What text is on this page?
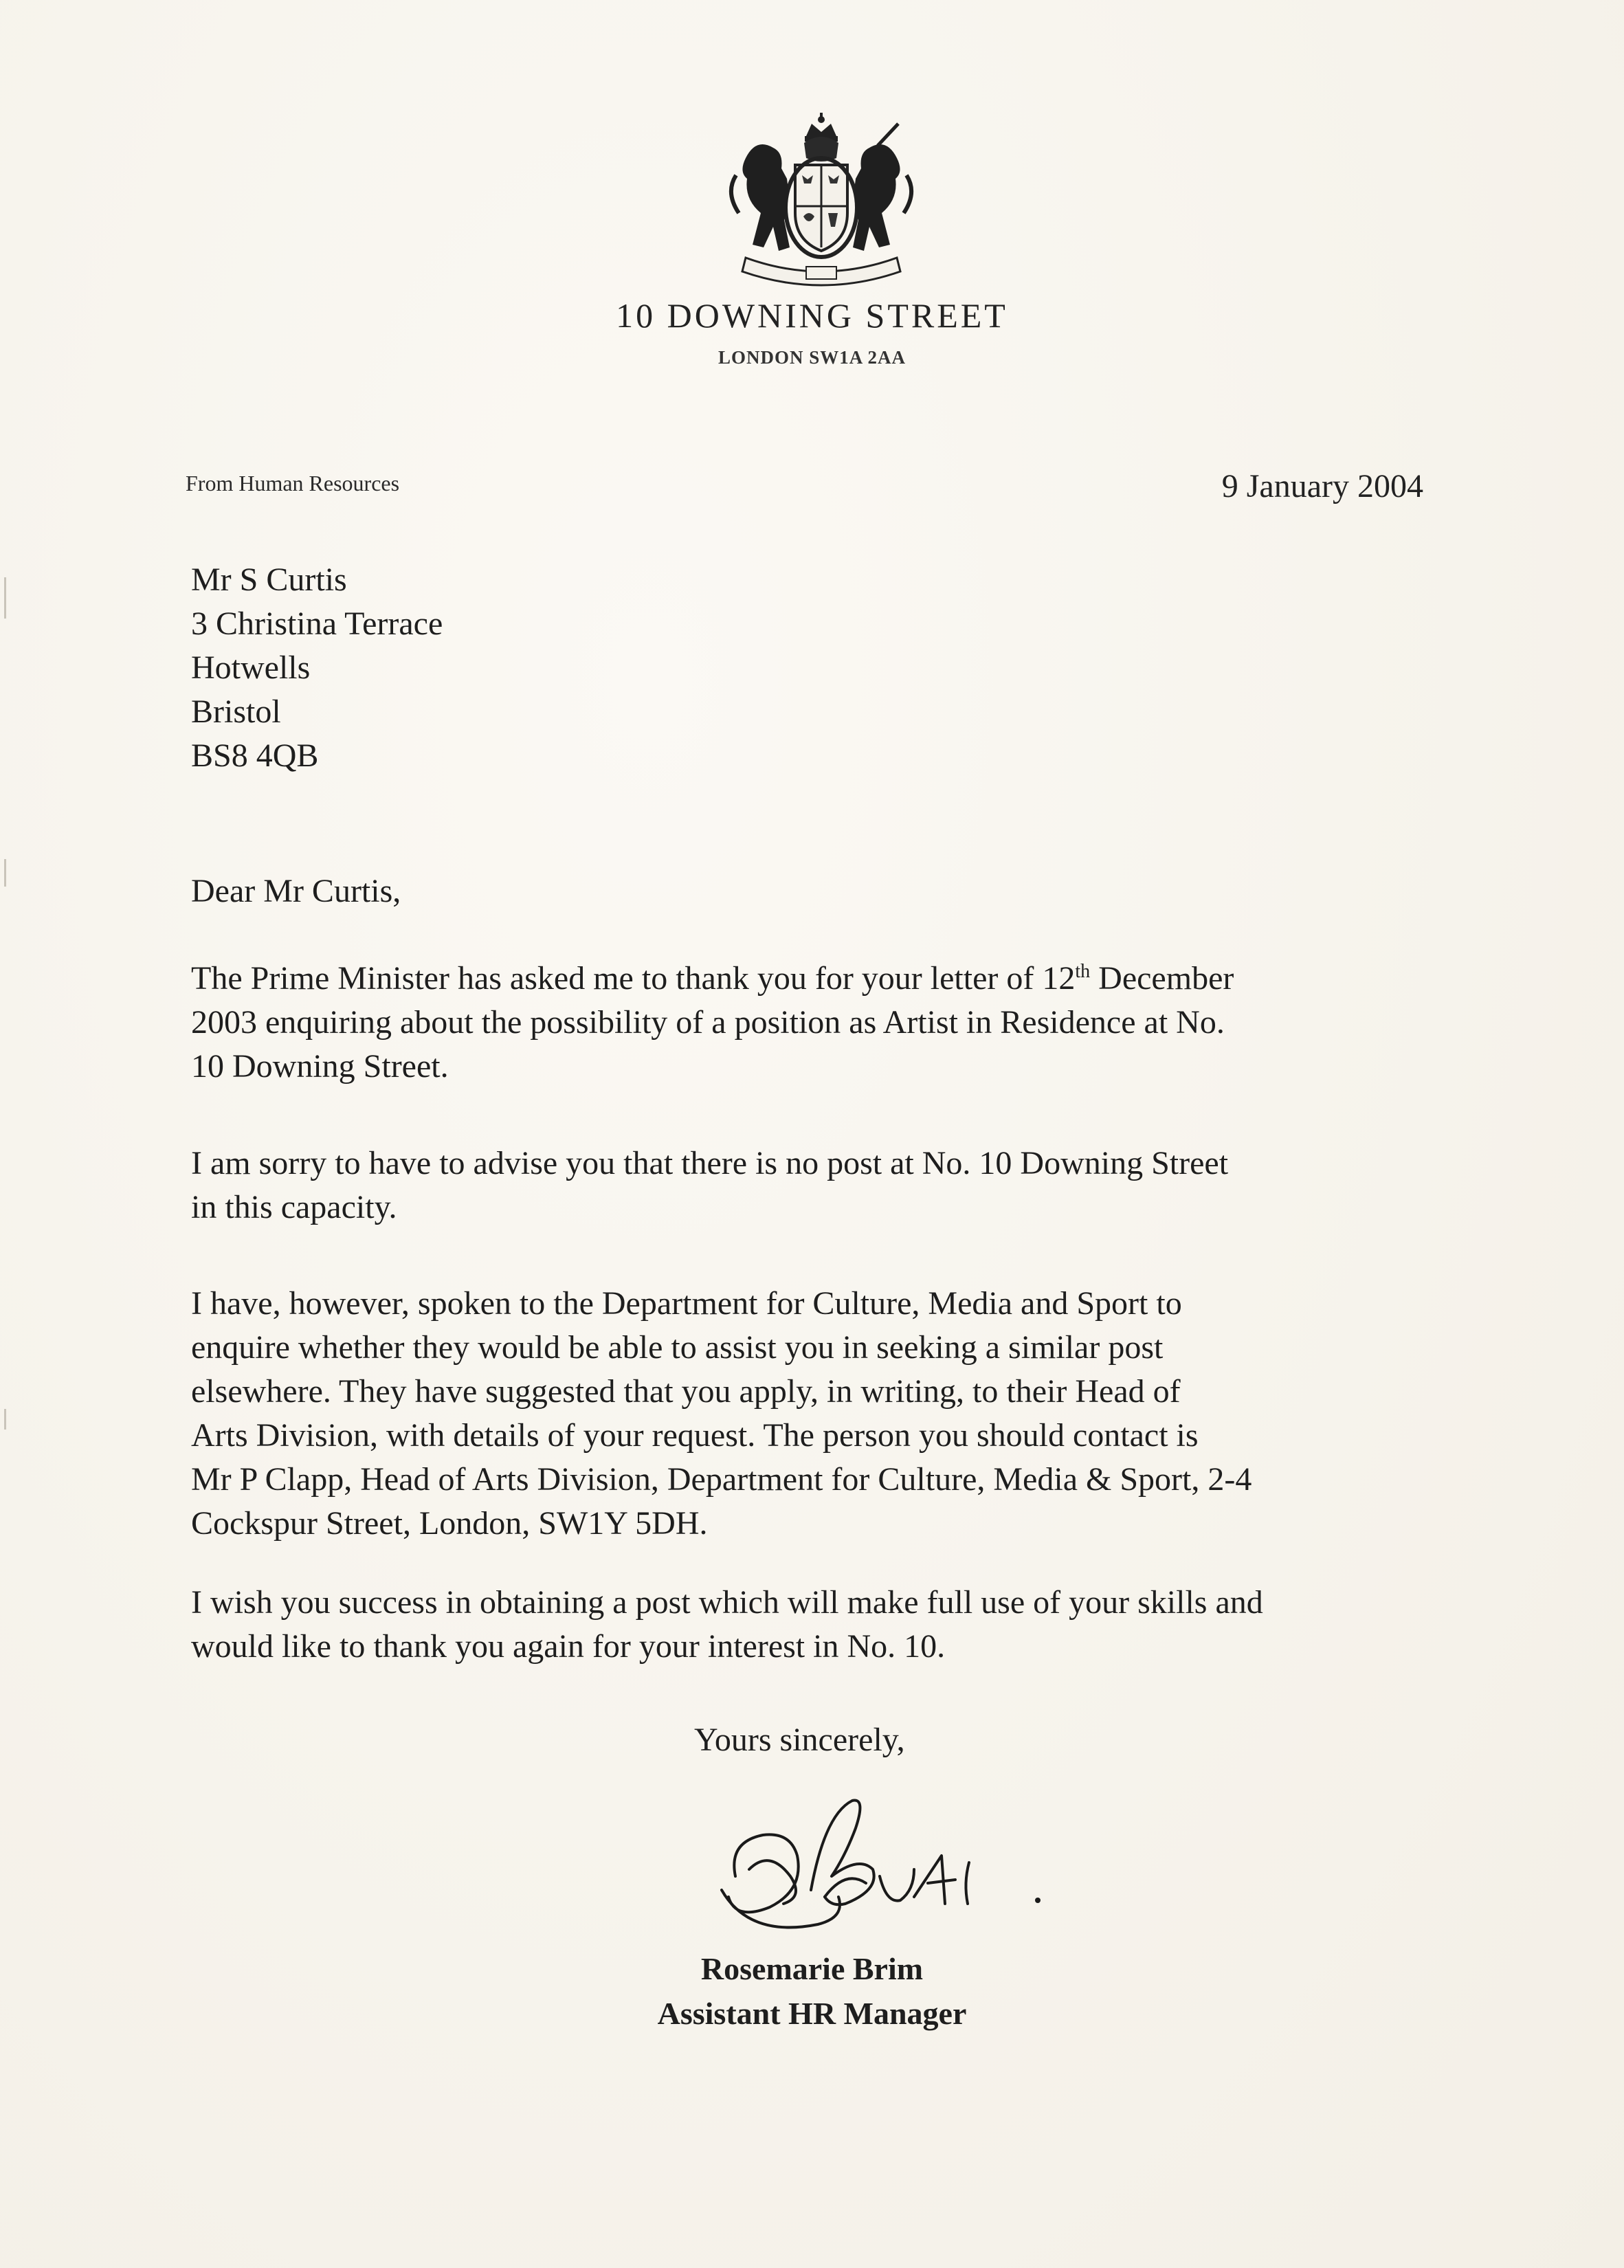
10 DOWNING STREET
LONDON SW1A 2AA
From Human Resources	9 January 2004
Mr S Curtis
3 Christina Terrace
Hotwells
Bristol
BS8 4QB
Dear Mr Curtis,
The Prime Minister has asked me to thank you for your letter of 12th December
2003 enquiring about the possibility of a position as Artist in Residence at No.
10 Downing Street.
I am sorry to have to advise you that there is no post at No. 10 Downing Street
in this capacity.
I have, however, spoken to the Department for Culture, Media and Sport to
enquire whether they would be able to assist you in seeking a similar post
elsewhere. They have suggested that you apply, in writing, to their Head of
Arts Division, with details of your request. The person you should contact is
Mr P Clapp, Head of Arts Division, Department for Culture, Media & Sport, 2-4
Cockspur Street, London, SW1Y 5DH.
I wish you success in obtaining a post which will make full use of your skills and
would like to thank you again for your interest in No. 10.
Yours sincerely,
Rosemarie Brim
Assistant HR Manager
